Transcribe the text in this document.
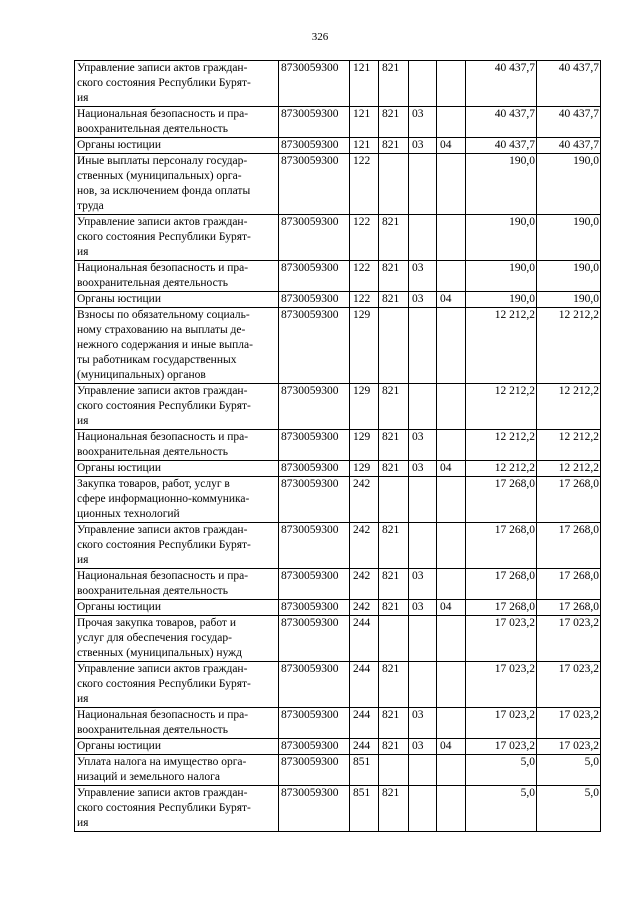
326
Управление записи актов граждан-
ского состояния Республики Бурят-
ия	8730059300	121	821			40 437,7	40 437,7
Национальная безопасность и пра-
воохранительная деятельность	8730059300	121	821	03		40 437,7	40 437,7
Органы юстиции	8730059300	121	821	03	04	40 437,7	40 437,7
Иные выплаты персоналу государ-
ственных (муниципальных) орга-
нов, за исключением фонда оплаты
труда	8730059300	122				190,0	190,0
Управление записи актов граждан-
ского состояния Республики Бурят-
ия	8730059300	122	821			190,0	190,0
Национальная безопасность и пра-
воохранительная деятельность	8730059300	122	821	03		190,0	190,0
Органы юстиции	8730059300	122	821	03	04	190,0	190,0
Взносы по обязательному социаль-
ному страхованию на выплаты де-
нежного содержания и иные выпла-
ты работникам государственных
(муниципальных) органов	8730059300	129				12 212,2	12 212,2
Управление записи актов граждан-
ского состояния Республики Бурят-
ия	8730059300	129	821			12 212,2	12 212,2
Национальная безопасность и пра-
воохранительная деятельность	8730059300	129	821	03		12 212,2	12 212,2
Органы юстиции	8730059300	129	821	03	04	12 212,2	12 212,2
Закупка товаров, работ, услуг в
сфере информационно-коммуника-
ционных технологий	8730059300	242				17 268,0	17 268,0
Управление записи актов граждан-
ского состояния Республики Бурят-
ия	8730059300	242	821			17 268,0	17 268,0
Национальная безопасность и пра-
воохранительная деятельность	8730059300	242	821	03		17 268,0	17 268,0
Органы юстиции	8730059300	242	821	03	04	17 268,0	17 268,0
Прочая закупка товаров, работ и
услуг для обеспечения государ-
ственных (муниципальных) нужд	8730059300	244				17 023,2	17 023,2
Управление записи актов граждан-
ского состояния Республики Бурят-
ия	8730059300	244	821			17 023,2	17 023,2
Национальная безопасность и пра-
воохранительная деятельность	8730059300	244	821	03		17 023,2	17 023,2
Органы юстиции	8730059300	244	821	03	04	17 023,2	17 023,2
Уплата налога на имущество орга-
низаций и земельного налога	8730059300	851				5,0	5,0
Управление записи актов граждан-
ского состояния Республики Бурят-
ия	8730059300	851	821			5,0	5,0
